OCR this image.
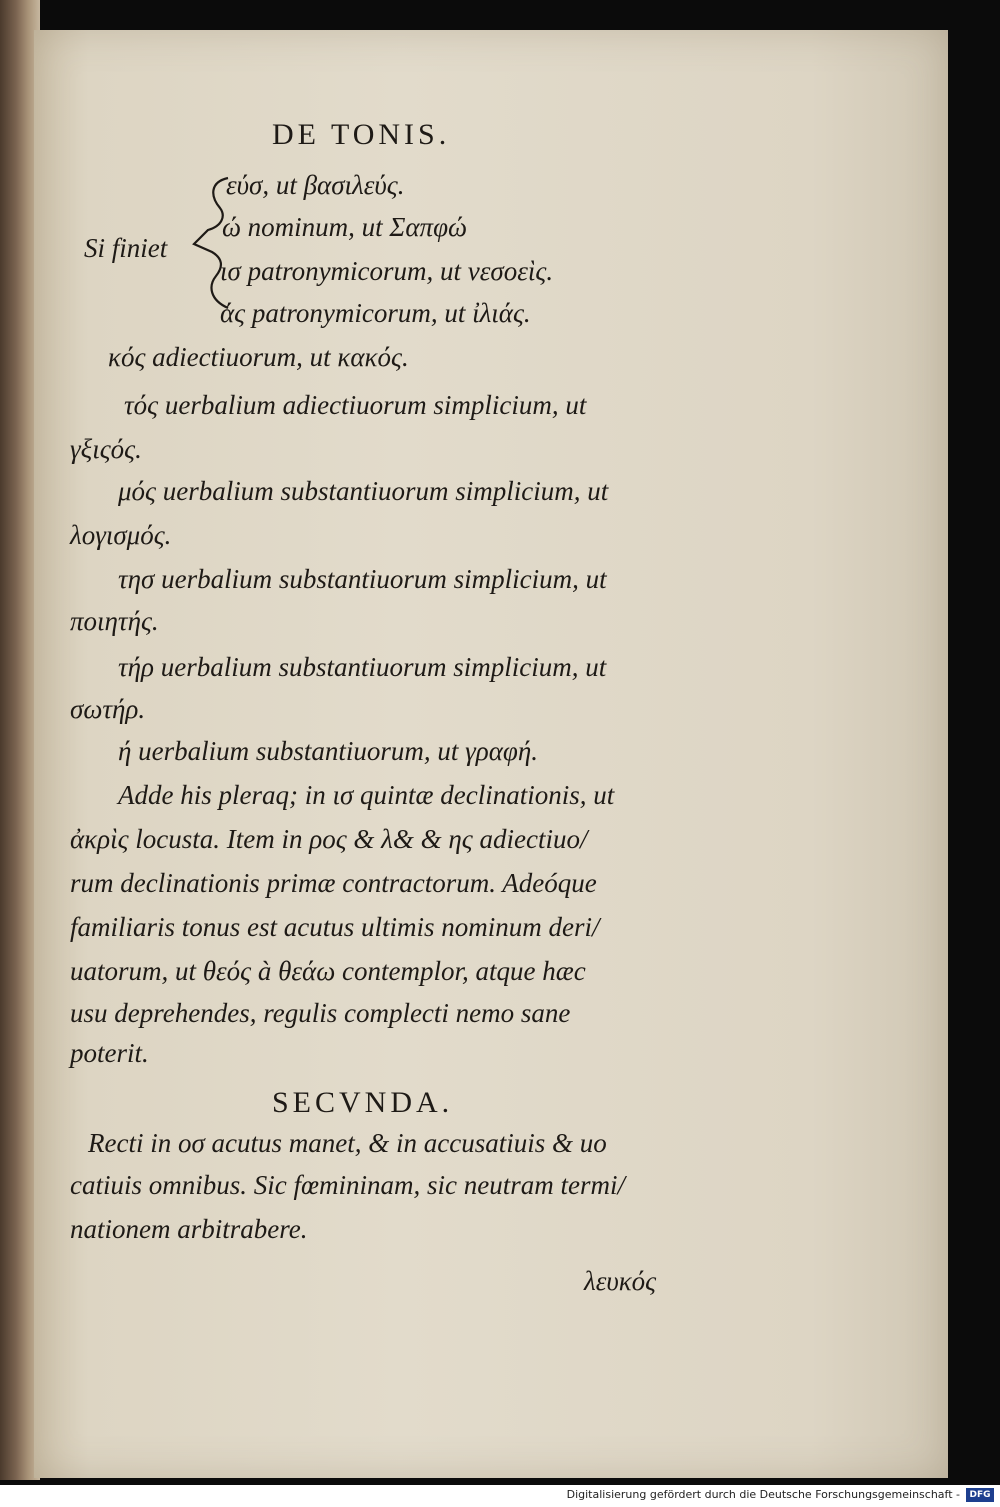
DE TONIS.
Si finiet
εύσ, ut βασιλεύς.
ώ nominum, ut Σαπφώ
ισ patronymicorum, ut νεσοεὶς.
άς patronymicorum, ut ἰλιάς.
κός adiectiuorum, ut κακός.
τός uerbalium adiectiuorum simplicium, ut
γξιςός.
μός uerbalium substantiuorum simplicium, ut
λογισμός.
τησ uerbalium substantiuorum simplicium, ut
ποιητής.
τήρ uerbalium substantiuorum simplicium, ut
σωτήρ.
ή uerbalium substantiuorum, ut γραφή.
Adde his pleraq; in ισ quintæ declinationis, ut
ἀκρὶς locusta. Item in ρος & λ& & ης adiectiuo/
rum declinationis primæ contractorum. Adeóque
familiaris tonus est acutus ultimis nominum deri/
uatorum, ut θεός à θεάω contemplor, atque hæc
usu deprehendes, regulis complecti nemo sane
poterit.
SECVNDA.
Recti in οσ acutus manet, & in accusatiuis & uo
catiuis omnibus. Sic fœmininam, sic neutram termi/
nationem arbitrabere.
λευκός
Digitalisierung gefördert durch die Deutsche Forschungsgemeinschaft -	DFG
